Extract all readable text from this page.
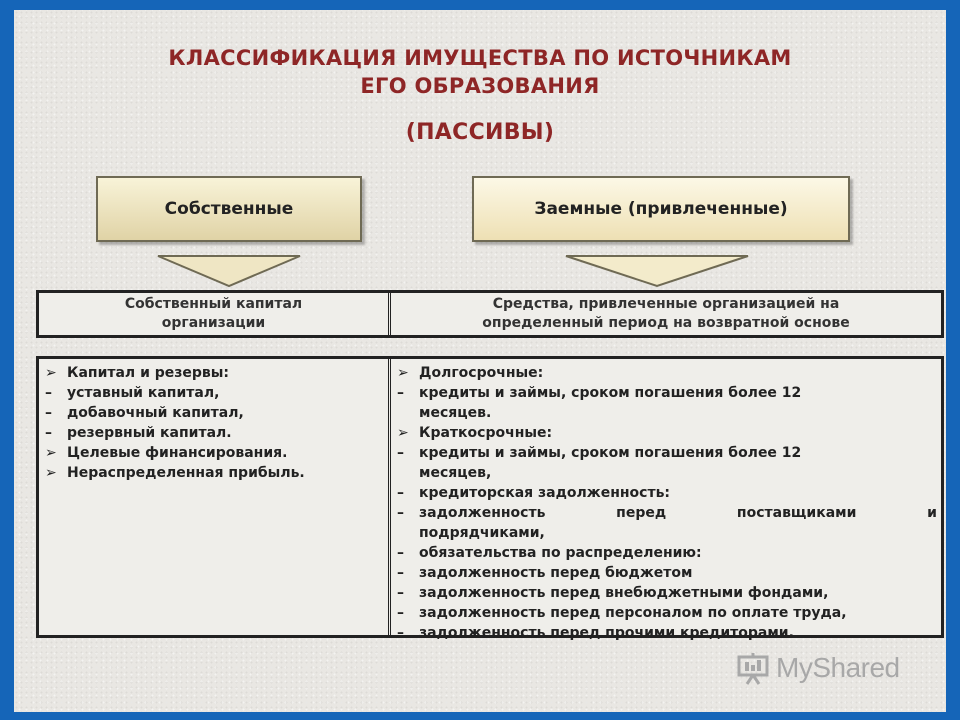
КЛАССИФИКАЦИЯ ИМУЩЕСТВА ПО ИСТОЧНИКАМ
ЕГО ОБРАЗОВАНИЯ
(ПАССИВЫ)
Собственные	Заемные (привлеченные)
Собственный капитал
организации
Средства, привлеченные организацией на
определенный период на возвратной основе
➢ Капитал и резервы:
–	уставный капитал,
–	добавочный капитал,
–	резервный капитал.
➢ Целевые финансирования.
➢ Нераспределенная прибыль.
➢ Долгосрочные:
–	кредиты и займы, сроком погашения более 12
месяцев.
➢ Краткосрочные:
–	кредиты и займы, сроком погашения более 12
месяцев,
–	кредиторская задолженность:
–	задолженность	перед	поставщиками	и
подрядчиками,
–	обязательства по распределению:
–	задолженность перед бюджетом
–	задолженность перед внебюджетными фондами,
–	задолженность перед персоналом по оплате труда,
–	задолженность перед прочими кредиторами.
MyShared
